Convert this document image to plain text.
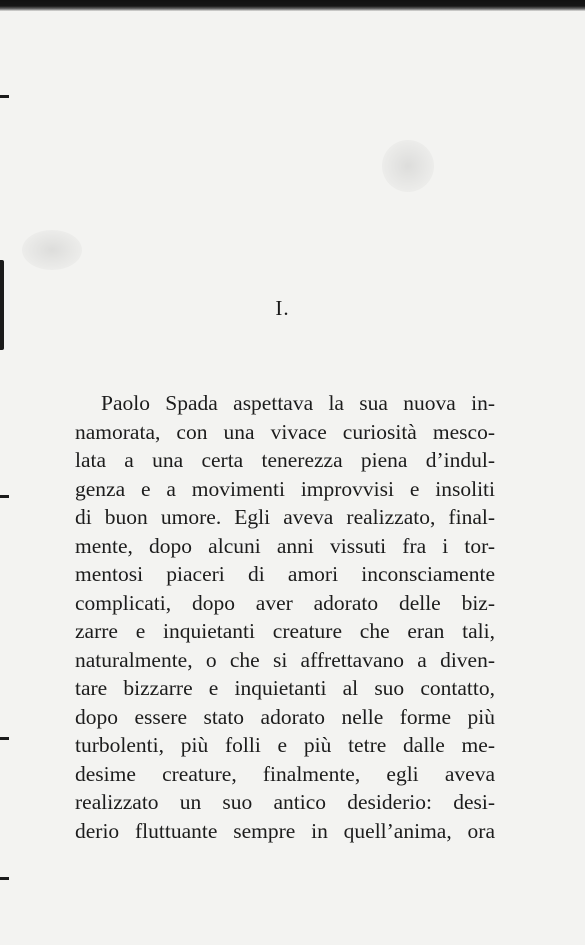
I.
Paolo Spada aspettava la sua nuova in-
namorata, con una vivace curiosità mesco-
lata a una certa tenerezza piena d’indul-
genza e a movimenti improvvisi e insoliti
di buon umore. Egli aveva realizzato, final-
mente, dopo alcuni anni vissuti fra i tor-
mentosi piaceri di amori inconsciamente
complicati, dopo aver adorato delle biz-
zarre e inquietanti creature che eran tali,
naturalmente, o che si affrettavano a diven-
tare bizzarre e inquietanti al suo contatto,
dopo essere stato adorato nelle forme più
turbolenti, più folli e più tetre dalle me-
desime creature, finalmente, egli aveva
realizzato un suo antico desiderio: desi-
derio fluttuante sempre in quell’anima, ora
